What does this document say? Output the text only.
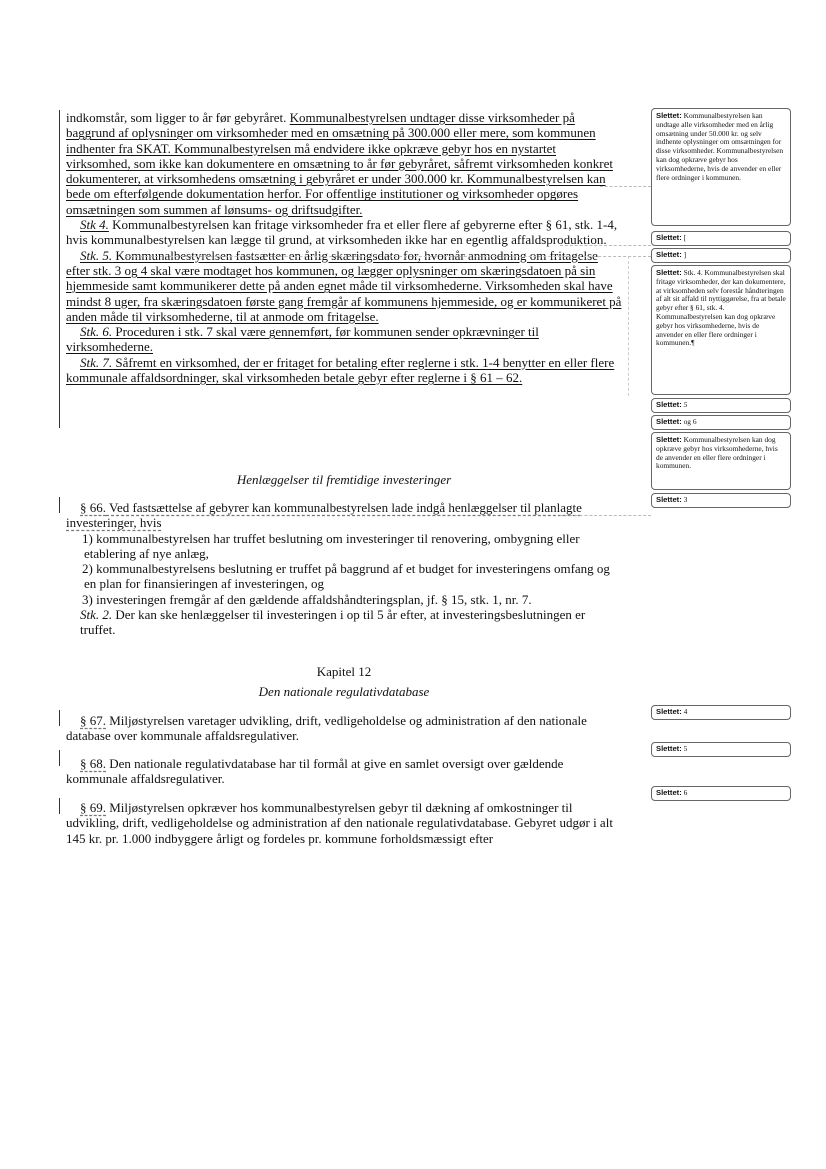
indkomstår, som ligger to år før gebyråret. Kommunalbestyrelsen undtager disse virksomheder på baggrund af oplysninger om virksomheder med en omsætning på 300.000 eller mere, som kommunen indhenter fra SKAT. Kommunalbestyrelsen må endvidere ikke opkræve gebyr hos en nystartet virksomhed, som ikke kan dokumentere en omsætning to år før gebyråret, såfremt virksomheden konkret dokumenterer, at virksomhedens omsætning i gebyråret er under 300.000 kr. Kommunalbestyrelsen kan bede om efterfølgende dokumentation herfor. For offentlige institutioner og virksomheder opgøres omsætningen som summen af lønsums- og driftsudgifter.
Stk 4. Kommunalbestyrelsen kan fritage virksomheder fra et eller flere af gebyrerne efter § 61, stk. 1-4, hvis kommunalbestyrelsen kan lægge til grund, at virksomheden ikke har en egentlig affaldsproduktion.
Stk. 5. Kommunalbestyrelsen fastsætter en årlig skæringsdato for, hvornår anmodning om fritagelse efter stk. 3 og 4 skal være modtaget hos kommunen, og lægger oplysninger om skæringsdatoen på sin hjemmeside samt kommunikerer dette på anden egnet måde til virksomhederne. Virksomheden skal have mindst 8 uger, fra skæringsdatoen første gang fremgår af kommunens hjemmeside, og er kommunikeret på anden måde til virksomhederne, til at anmode om fritagelse.
Stk. 6. Proceduren i stk. 7 skal være gennemført, før kommunen sender opkrævninger til virksomhederne.
Stk. 7. Såfremt en virksomhed, der er fritaget for betaling efter reglerne i stk. 1-4 benytter en eller flere kommunale affaldsordninger, skal virksomheden betale gebyr efter reglerne i § 61 – 62.
Henlæggelser til fremtidige investeringer
§ 66. Ved fastsættelse af gebyrer kan kommunalbestyrelsen lade indgå henlæggelser til planlagte investeringer, hvis
1) kommunalbestyrelsen har truffet beslutning om investeringer til renovering, ombygning eller etablering af nye anlæg,
2) kommunalbestyrelsens beslutning er truffet på baggrund af et budget for investeringens omfang og en plan for finansieringen af investeringen, og
3) investeringen fremgår af den gældende affaldshåndteringsplan, jf. § 15, stk. 1, nr. 7.
Stk. 2. Der kan ske henlæggelser til investeringen i op til 5 år efter, at investeringsbeslutningen er truffet.
Kapitel 12
Den nationale regulativdatabase
§ 67. Miljøstyrelsen varetager udvikling, drift, vedligeholdelse og administration af den nationale database over kommunale affaldsregulativer.
§ 68. Den nationale regulativdatabase har til formål at give en samlet oversigt over gældende kommunale affaldsregulativer.
§ 69. Miljøstyrelsen opkræver hos kommunalbestyrelsen gebyr til dækning af omkostninger til udvikling, drift, vedligeholdelse og administration af den nationale regulativdatabase. Gebyret udgør i alt 145 kr. pr. 1.000 indbyggere årligt og fordeles pr. kommune forholdsmæssigt efter
Slettet: Kommunalbestyrelsen kan undtage alle virksomheder med en årlig omsætning under 50.000 kr. og selv indhente oplysninger om omsætningen for disse virksomheder. Kommunalbestyrelsen kan dog opkræve gebyr hos virksomhederne, hvis de anvender en eller flere ordninger i kommunen.
Slettet: [
Slettet: ]
Slettet: Stk. 4. Kommunalbestyrelsen skal fritage virksomheder, der kan dokumentere, at virksomheden selv forestår håndteringen af alt sit affald til nyttiggørelse, fra at betale gebyr efter § 61, stk. 4. Kommunalbestyrelsen kan dog opkræve gebyr hos virksomhederne, hvis de anvender en eller flere ordninger i kommunen.¶
Slettet: 5
Slettet: og 6
Slettet: Kommunalbestyrelsen kan dog opkræve gebyr hos virksomhederne, hvis de anvender en eller flere ordninger i kommunen.
Slettet: 3
Slettet: 4
Slettet: 5
Slettet: 6
